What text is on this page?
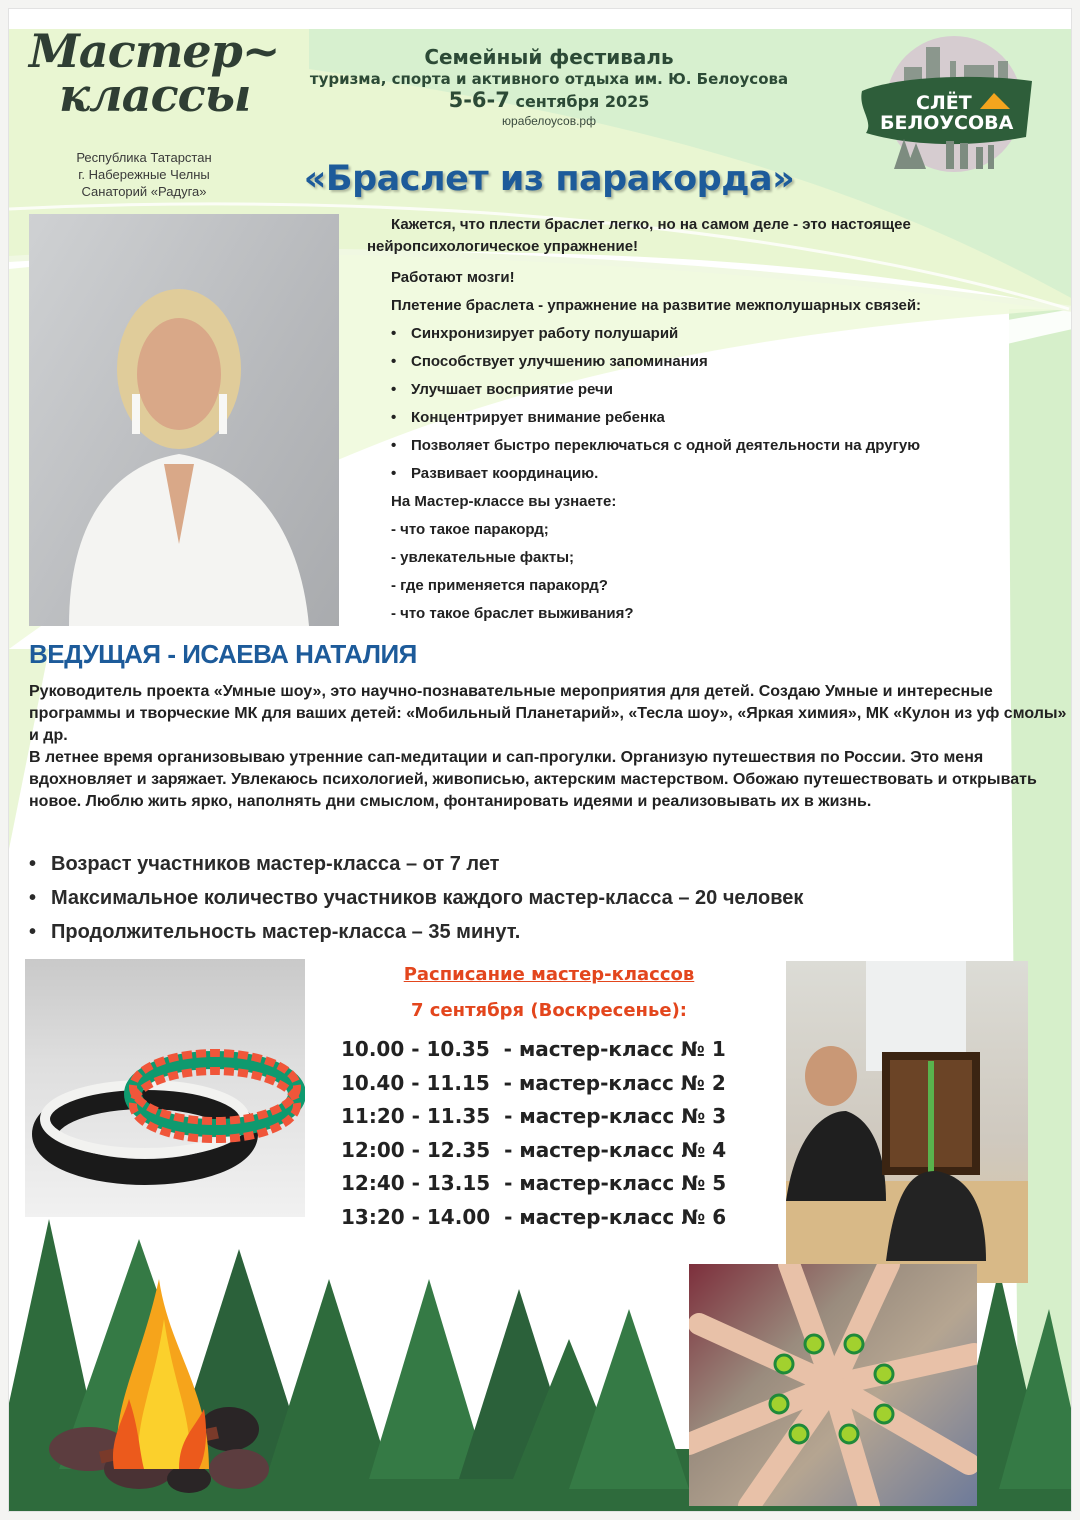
Мастер~
классы
Республика Татарстан
г. Набережные Челны
Санаторий «Радуга»
Семейный фестиваль
туризма, спорта и активного отдыха им. Ю. Белоусова
5-6-7 сентября 2025
юрабелоусов.рф
СЛЁТ
БЕЛОУСОВА
«Браслет из паракорда»
Кажется, что плести браслет легко, но на самом деле - это настоящее нейропсихологическое упражнение!
Работают мозги!
Плетение браслета - упражнение на развитие межполушарных связей:
• Синхронизирует работу полушарий
• Способствует улучшению запоминания
• Улучшает восприятие речи
• Концентрирует внимание ребенка
• Позволяет быстро переключаться с одной деятельности на другую
• Развивает координацию.
На Мастер-классе вы узнаете:
- что такое паракорд;
- увлекательные факты;
- где применяется паракорд?
- что такое браслет выживания?
ВЕДУЩАЯ - ИСАЕВА НАТАЛИЯ
Руководитель проекта «Умные шоу», это научно-познавательные мероприятия для детей. Создаю Умные и интересные программы и творческие МК для ваших детей: «Мобильный Планетарий», «Тесла шоу», «Яркая химия», МК «Кулон из уф смолы» и др.
В летнее время организовываю утренние сап-медитации и сап-прогулки. Организую путешествия по России. Это меня вдохновляет и заряжает. Увлекаюсь психологией, живописью, актерским мастерством. Обожаю путешествовать и открывать новое. Люблю жить ярко, наполнять дни смыслом, фонтанировать идеями и реализовывать их в жизнь.
• Возраст участников мастер-класса – от 7 лет
• Максимальное количество участников каждого мастер-класса – 20 человек
• Продолжительность мастер-класса – 35 минут.
Расписание мастер-классов
7 сентября (Воскресенье):
10.00 - 10.35  - мастер-класс № 1
10.40 - 11.15  - мастер-класс № 2
11:20 - 11.35  - мастер-класс № 3
12:00 - 12.35  - мастер-класс № 4
12:40 - 13.15  - мастер-класс № 5
13:20 - 14.00  - мастер-класс № 6
